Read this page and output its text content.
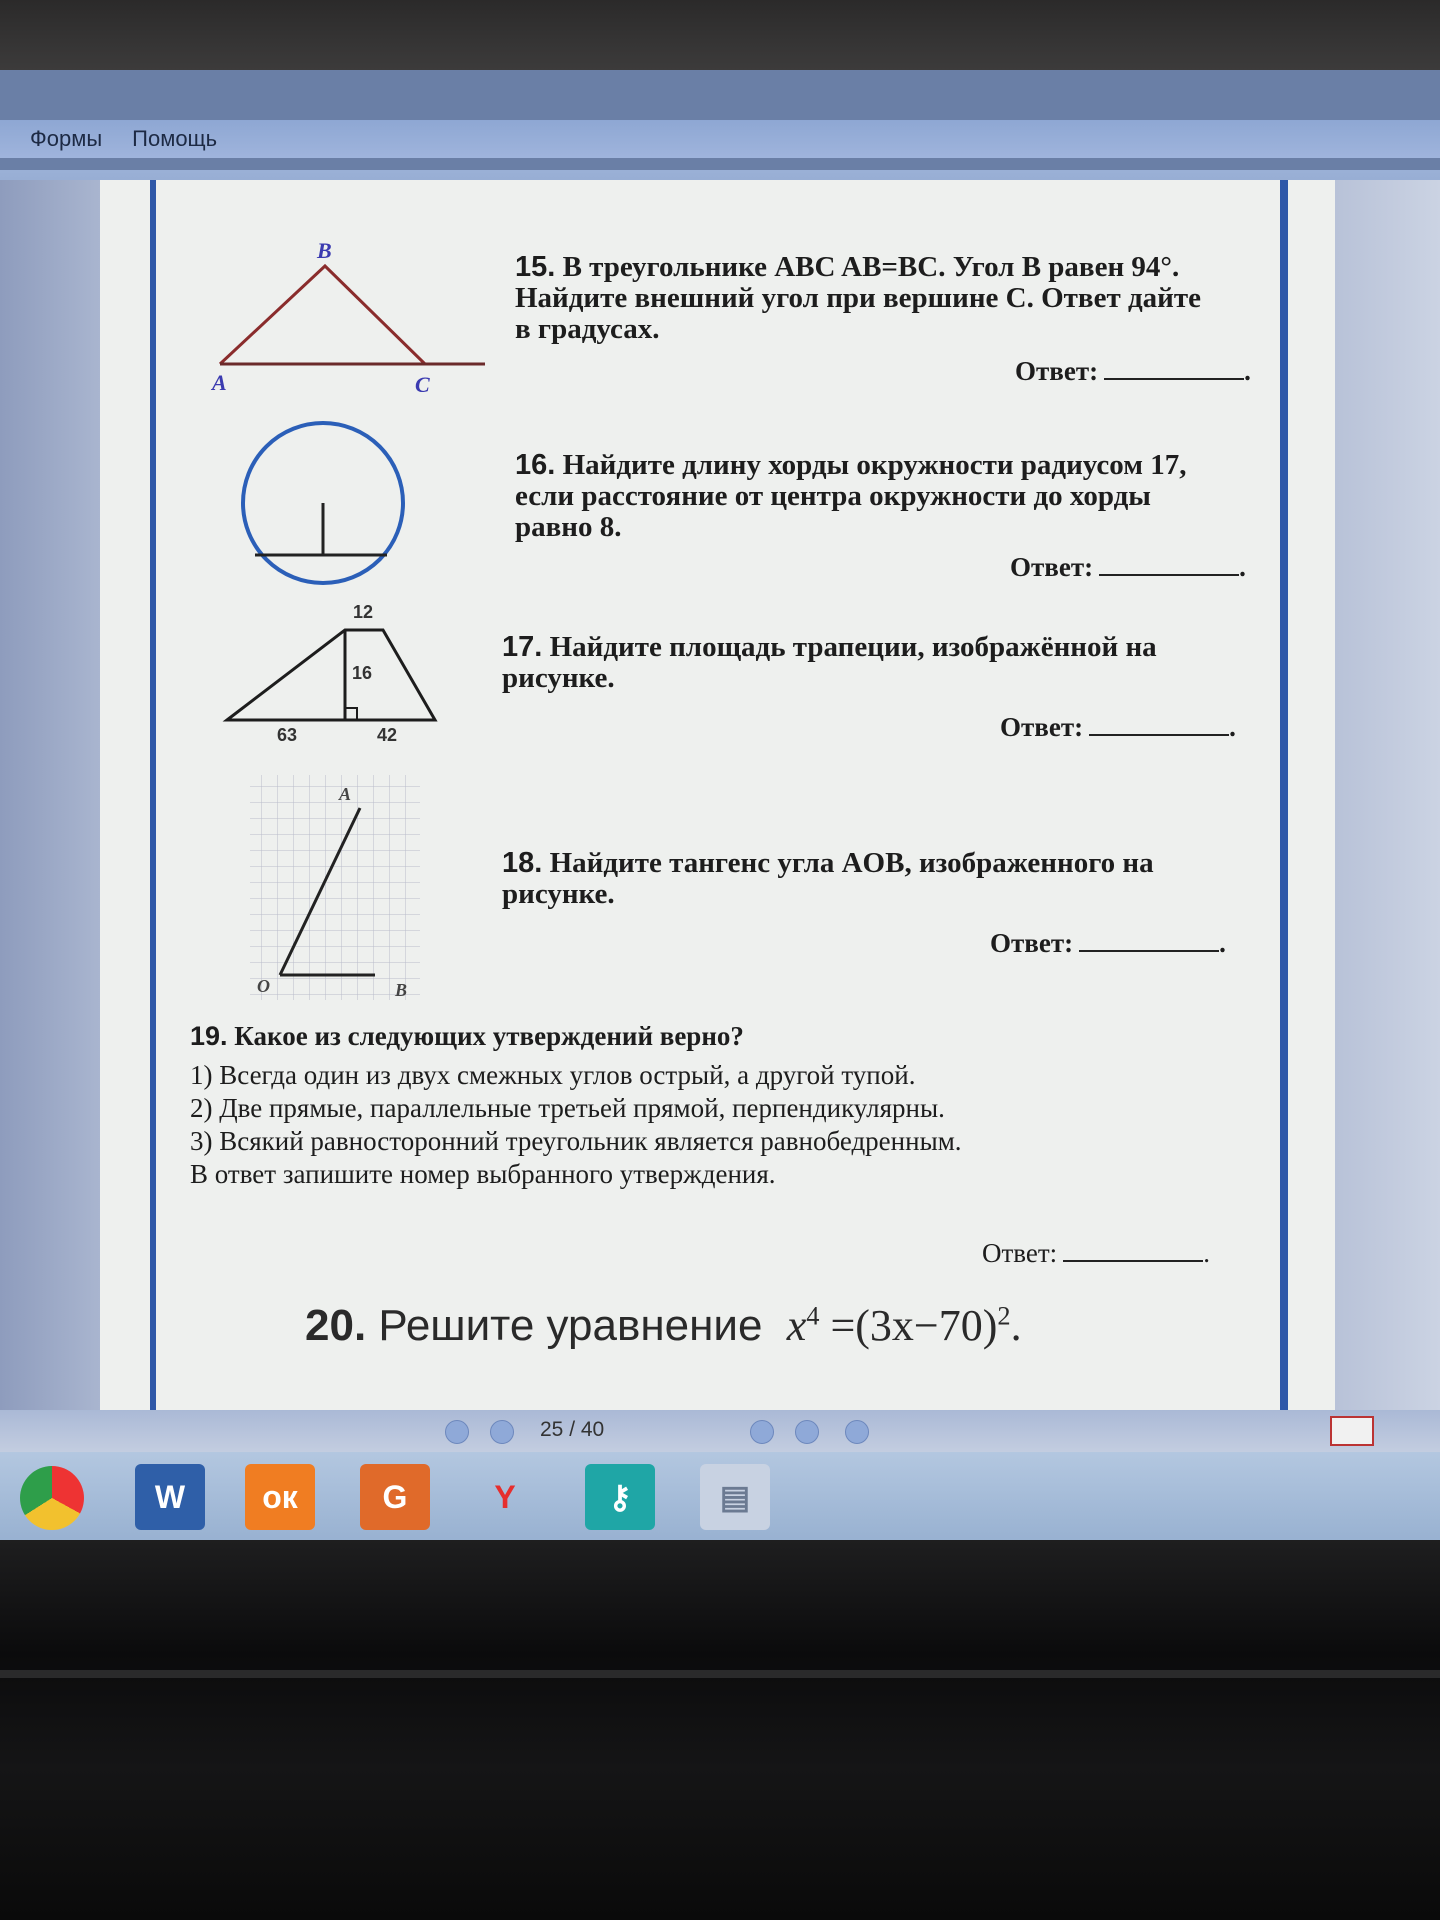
Формы Помощь
A
B
C
12
16
63	42
A
O	B
15. В треугольнике ABC AB=BC. Угол B равен 94°.
Найдите внешний угол при вершине C. Ответ дайте
в градусах.
Ответ:	.
16. Найдите длину хорды окружности радиусом 17,
если расстояние от центра окружности до хорды
равно 8.
Ответ:	.
17. Найдите площадь трапеции, изображённой на
рисунке.
Ответ:	.
18. Найдите тангенс угла AOB, изображенного на
рисунке.
Ответ:	.
19. Какое из следующих утверждений верно?
1) Всегда один из двух смежных углов острый, а другой тупой.
2) Две прямые, параллельные третьей прямой, перпендикулярны.
3) Всякий равносторонний треугольник является равнобедренным.
В ответ запишите номер выбранного утверждения.
Ответ:	.
20. Решите уравнение $x^4 =(3x-70)^2$.
25 / 40
W	ок	G	Y	⚷	▤
